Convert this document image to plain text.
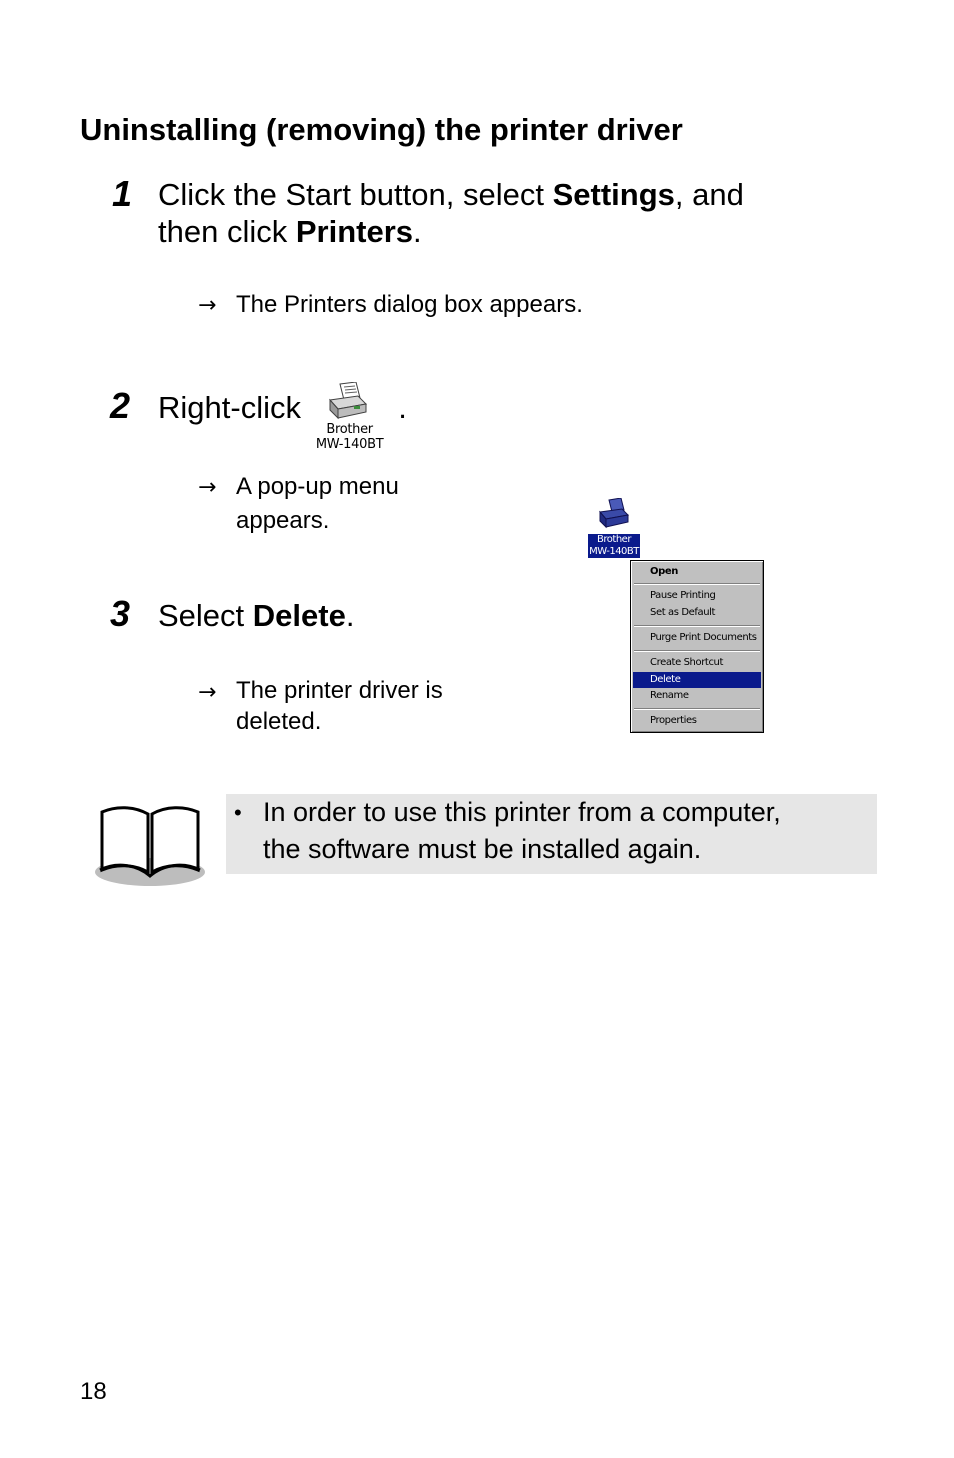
Uninstalling (removing) the printer driver
1 Click the Start button, select Settings, and
then click Printers.
→ The Printers dialog box appears.
2 Right-click
Brother
MW-140BT
.
→ A pop-up menu
appears.
3 Select Delete.
→ The printer driver is
deleted.
Brother
MW-140BT
Open
Pause Printing
Set as Default
Purge Print Documents
Create Shortcut
Delete
Rename
Properties
• In order to use this printer from a computer,
the software must be installed again.
18
